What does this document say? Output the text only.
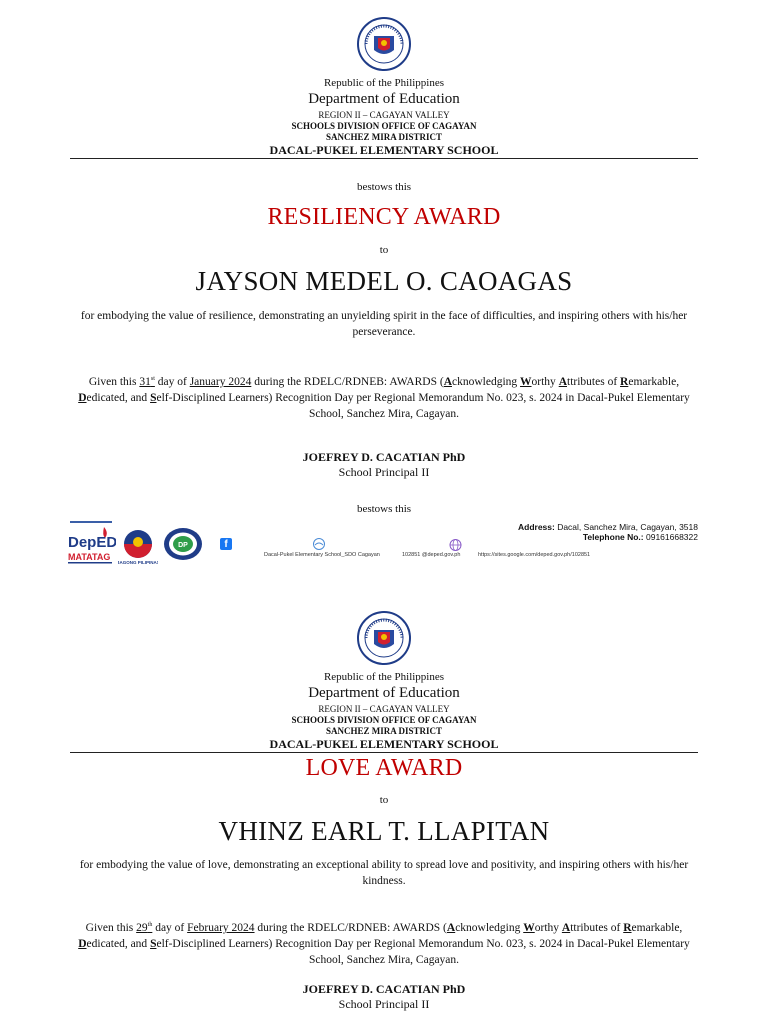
Republic of the Philippines
Department of Education
REGION II – CAGAYAN VALLEY
SCHOOLS DIVISION OFFICE OF CAGAYAN
SANCHEZ MIRA DISTRICT
DACAL-PUKEL ELEMENTARY SCHOOL
bestows this
RESILIENCY AWARD
to
JAYSON MEDEL O. CAOAGAS
for embodying the value of resilience, demonstrating an unyielding spirit in the face of difficulties, and inspiring others with his/her perseverance.
Given this 31st day of January 2024 during the RDELC/RDNEB: AWARDS (Acknowledging Worthy Attributes of Remarkable, Dedicated, and Self-Disciplined Learners) Recognition Day per Regional Memorandum No. 023, s. 2024 in Dacal-Pukel Elementary School, Sanchez Mira, Cagayan.
JOEFREY D. CACATIAN PhD
School Principal II
bestows this
DepED
MATATAG
BAGONG PILIPINAS
DP	f
Dacal-Pukel Elementary School_SDO Cagayan	102851 @deped.gov.ph	https://sites.google.com/deped.gov.ph/102851
Address: Dacal, Sanchez Mira, Cagayan, 3518
Telephone No.: 09161668322
Republic of the Philippines
Department of Education
REGION II – CAGAYAN VALLEY
SCHOOLS DIVISION OFFICE OF CAGAYAN
SANCHEZ MIRA DISTRICT
DACAL-PUKEL ELEMENTARY SCHOOL
LOVE AWARD
to
VHINZ EARL T. LLAPITAN
for embodying the value of love, demonstrating an exceptional ability to spread love and positivity, and inspiring others with his/her kindness.
Given this 29th day of February 2024 during the RDELC/RDNEB: AWARDS (Acknowledging Worthy Attributes of Remarkable, Dedicated, and Self-Disciplined Learners) Recognition Day per Regional Memorandum No. 023, s. 2024 in Dacal-Pukel Elementary School, Sanchez Mira, Cagayan.
JOEFREY D. CACATIAN PhD
School Principal II
